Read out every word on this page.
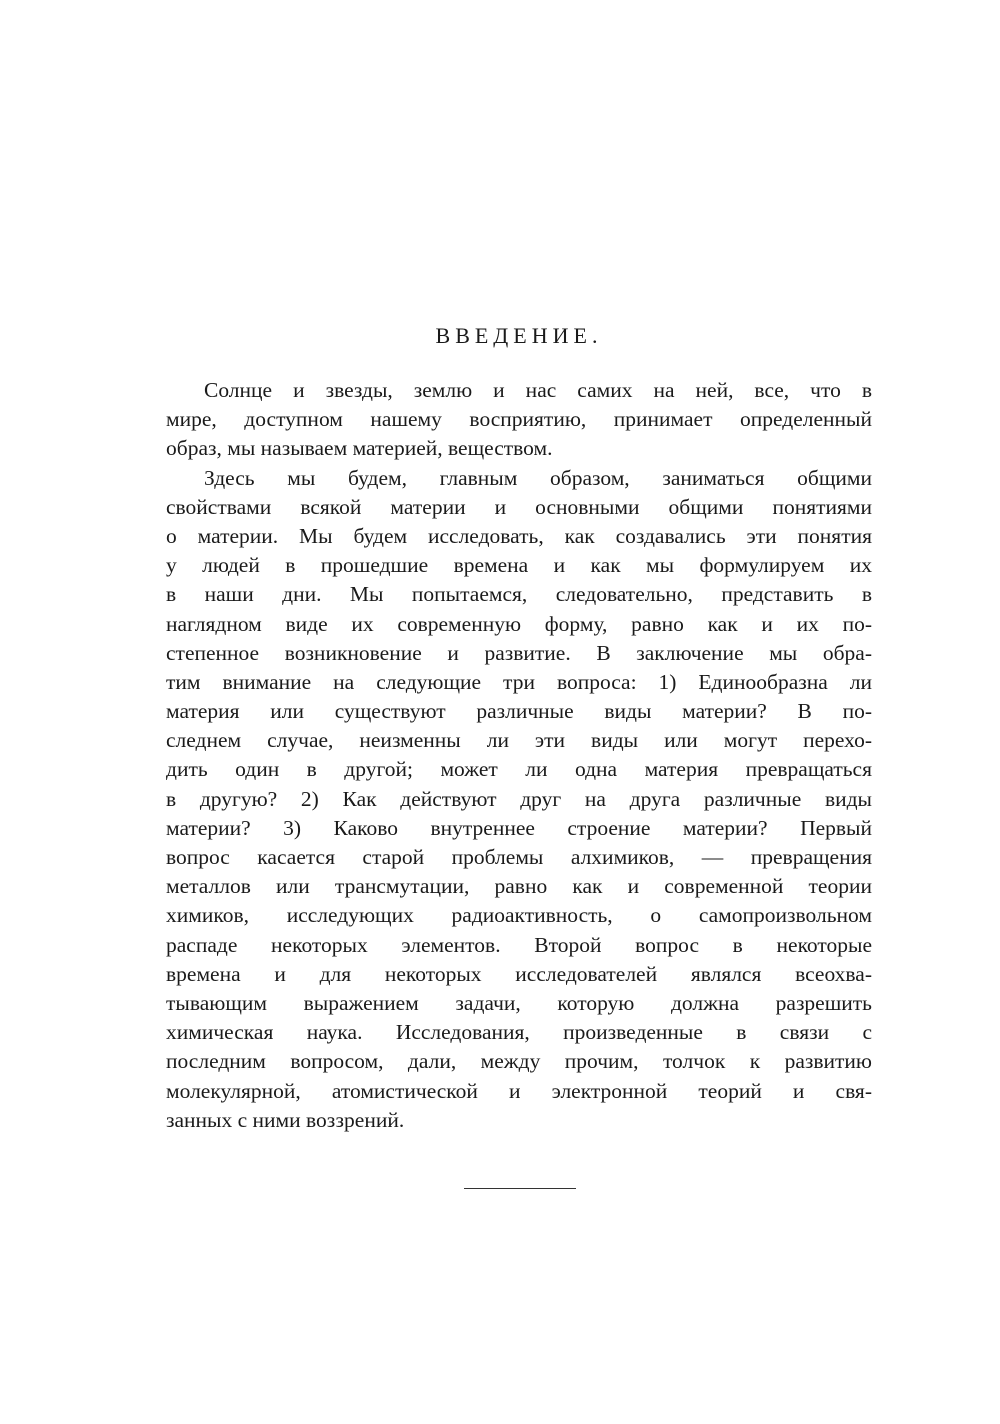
ВВЕДЕНИЕ.
Солнце и звезды, землю и нас самих на ней, все, что в
мире, доступном нашему восприятию, принимает определенный
образ, мы называем материей, веществом.
Здесь мы будем, главным образом, заниматься общими
свойствами всякой материи и основными общими понятиями
о материи. Мы будем исследовать, как создавались эти понятия
у людей в прошедшие времена и как мы формулируем их
в наши дни. Мы попытаемся, следовательно, представить в
наглядном виде их современную форму, равно как и их по-
степенное возникновение и развитие. В заключение мы обра-
тим внимание на следующие три вопроса: 1) Единообразна ли
материя или существуют различные виды материи? В по-
следнем случае, неизменны ли эти виды или могут перехо-
дить один в другой; может ли одна материя превращаться
в другую? 2) Как действуют друг на друга различные виды
материи? 3) Каково внутреннее строение материи? Первый
вопрос касается старой проблемы алхимиков, — превращения
металлов или трансмутации, равно как и современной теории
химиков, исследующих радиоактивность, о самопроизвольном
распаде некоторых элементов. Второй вопрос в некоторые
времена и для некоторых исследователей являлся всеохва-
тывающим выражением задачи, которую должна разрешить
химическая наука. Исследования, произведенные в связи с
последним вопросом, дали, между прочим, толчок к развитию
молекулярной, атомистической и электронной теорий и свя-
занных с ними воззрений.
